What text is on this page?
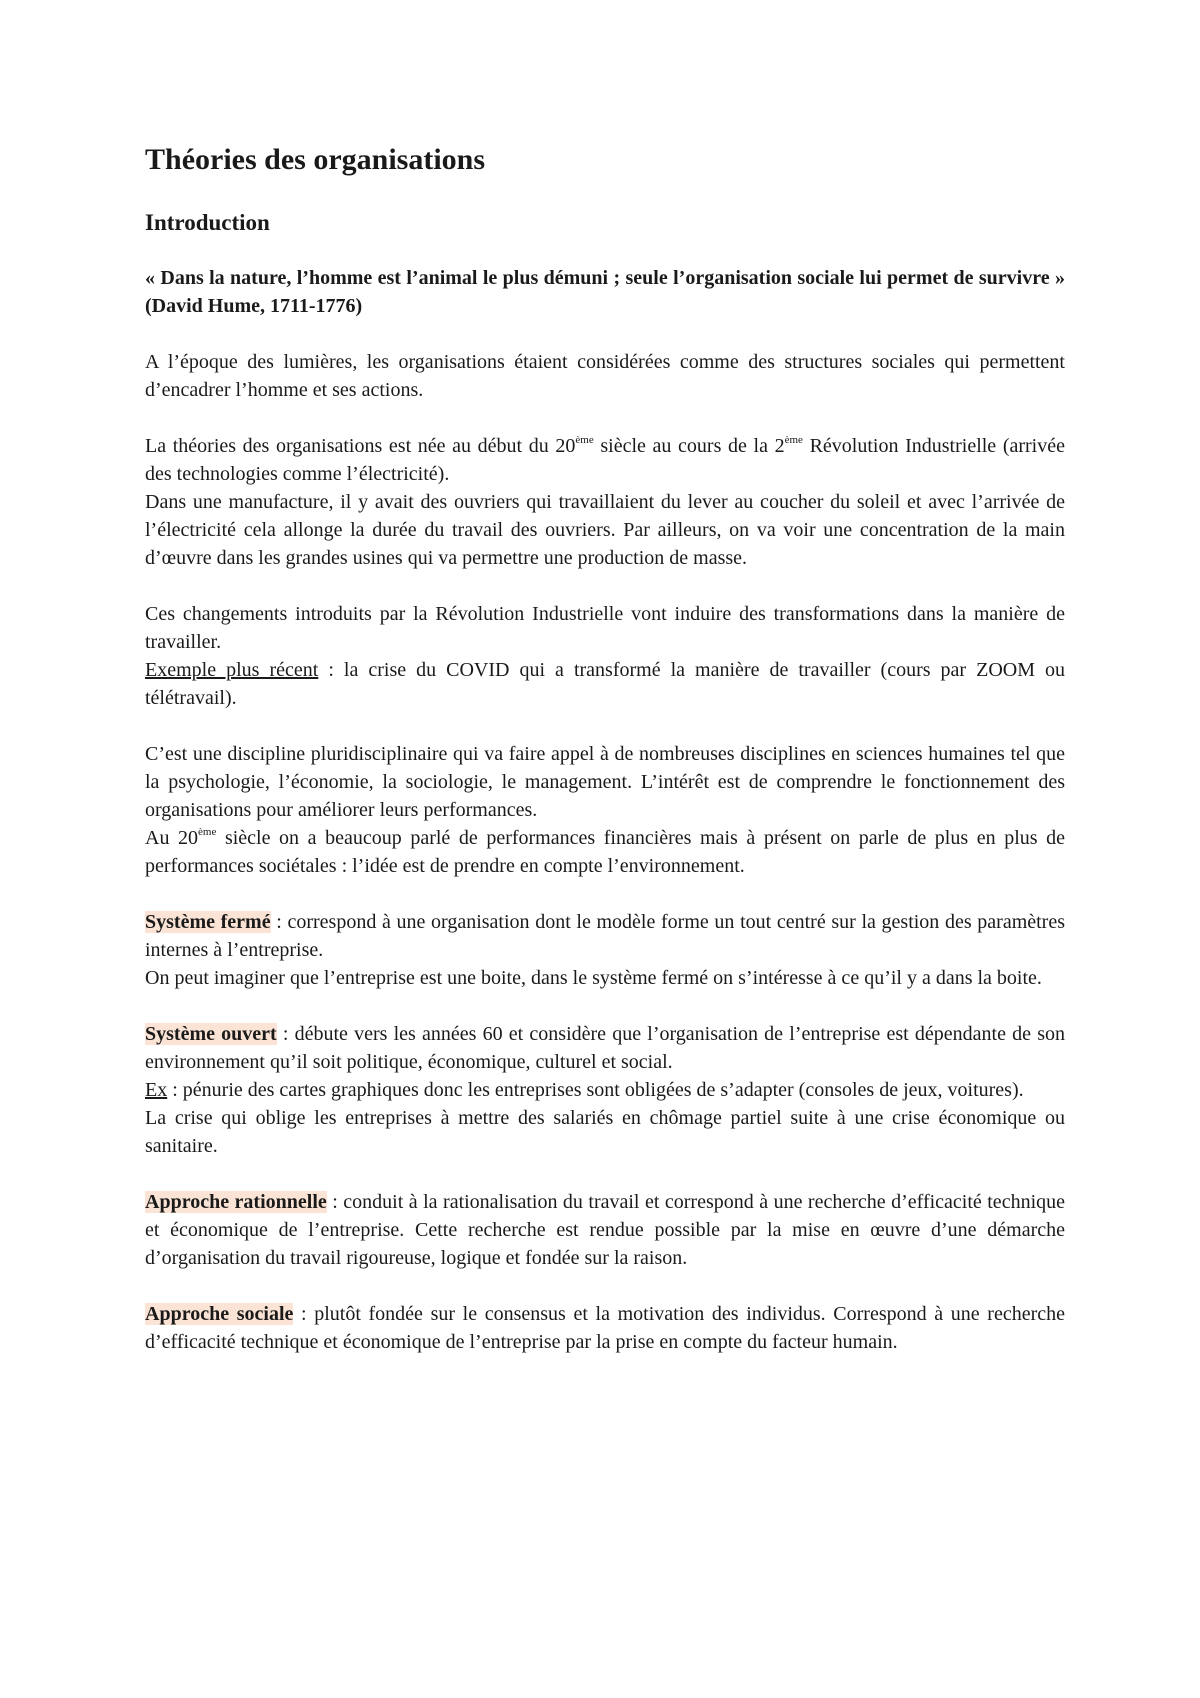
Théories des organisations
Introduction

« Dans la nature, l’homme est l’animal le plus démuni ; seule l’organisation sociale lui permet de survivre » (David Hume, 1711-1776)

A l’époque des lumières, les organisations étaient considérées comme des structures sociales qui permettent d’encadrer l’homme et ses actions.

La théories des organisations est née au début du 20ème siècle au cours de la 2ème Révolution Industrielle (arrivée des technologies comme l’électricité).

Dans une manufacture, il y avait des ouvriers qui travaillaient du lever au coucher du soleil et avec l’arrivée de l’électricité cela allonge la durée du travail des ouvriers. Par ailleurs, on va voir une concentration de la main d’œuvre dans les grandes usines qui va permettre une production de masse.

Ces changements introduits par la Révolution Industrielle vont induire des transformations dans la manière de travailler.

Exemple plus récent : la crise du COVID qui a transformé la manière de travailler (cours par ZOOM ou télétravail).

C’est une discipline pluridisciplinaire qui va faire appel à de nombreuses disciplines en sciences humaines tel que la psychologie, l’économie, la sociologie, le management. L’intérêt est de comprendre le fonctionnement des organisations pour améliorer leurs performances.

Au 20ème siècle on a beaucoup parlé de performances financières mais à présent on parle de plus en plus de performances sociétales : l’idée est de prendre en compte l’environnement.

Système fermé : correspond à une organisation dont le modèle forme un tout centré sur la gestion des paramètres internes à l’entreprise.

On peut imaginer que l’entreprise est une boite, dans le système fermé on s’intéresse à ce qu’il y a dans la boite.

Système ouvert : débute vers les années 60 et considère que l’organisation de l’entreprise est dépendante de son environnement qu’il soit politique, économique, culturel et social.

Ex : pénurie des cartes graphiques donc les entreprises sont obligées de s’adapter (consoles de jeux, voitures).

La crise qui oblige les entreprises à mettre des salariés en chômage partiel suite à une crise économique ou sanitaire.

Approche rationnelle : conduit à la rationalisation du travail et correspond à une recherche d’efficacité technique et économique de l’entreprise. Cette recherche est rendue possible par la mise en œuvre d’une démarche d’organisation du travail rigoureuse, logique et fondée sur la raison.

Approche sociale : plutôt fondée sur le consensus et la motivation des individus. Correspond à une recherche d’efficacité technique et économique de l’entreprise par la prise en compte du facteur humain.
